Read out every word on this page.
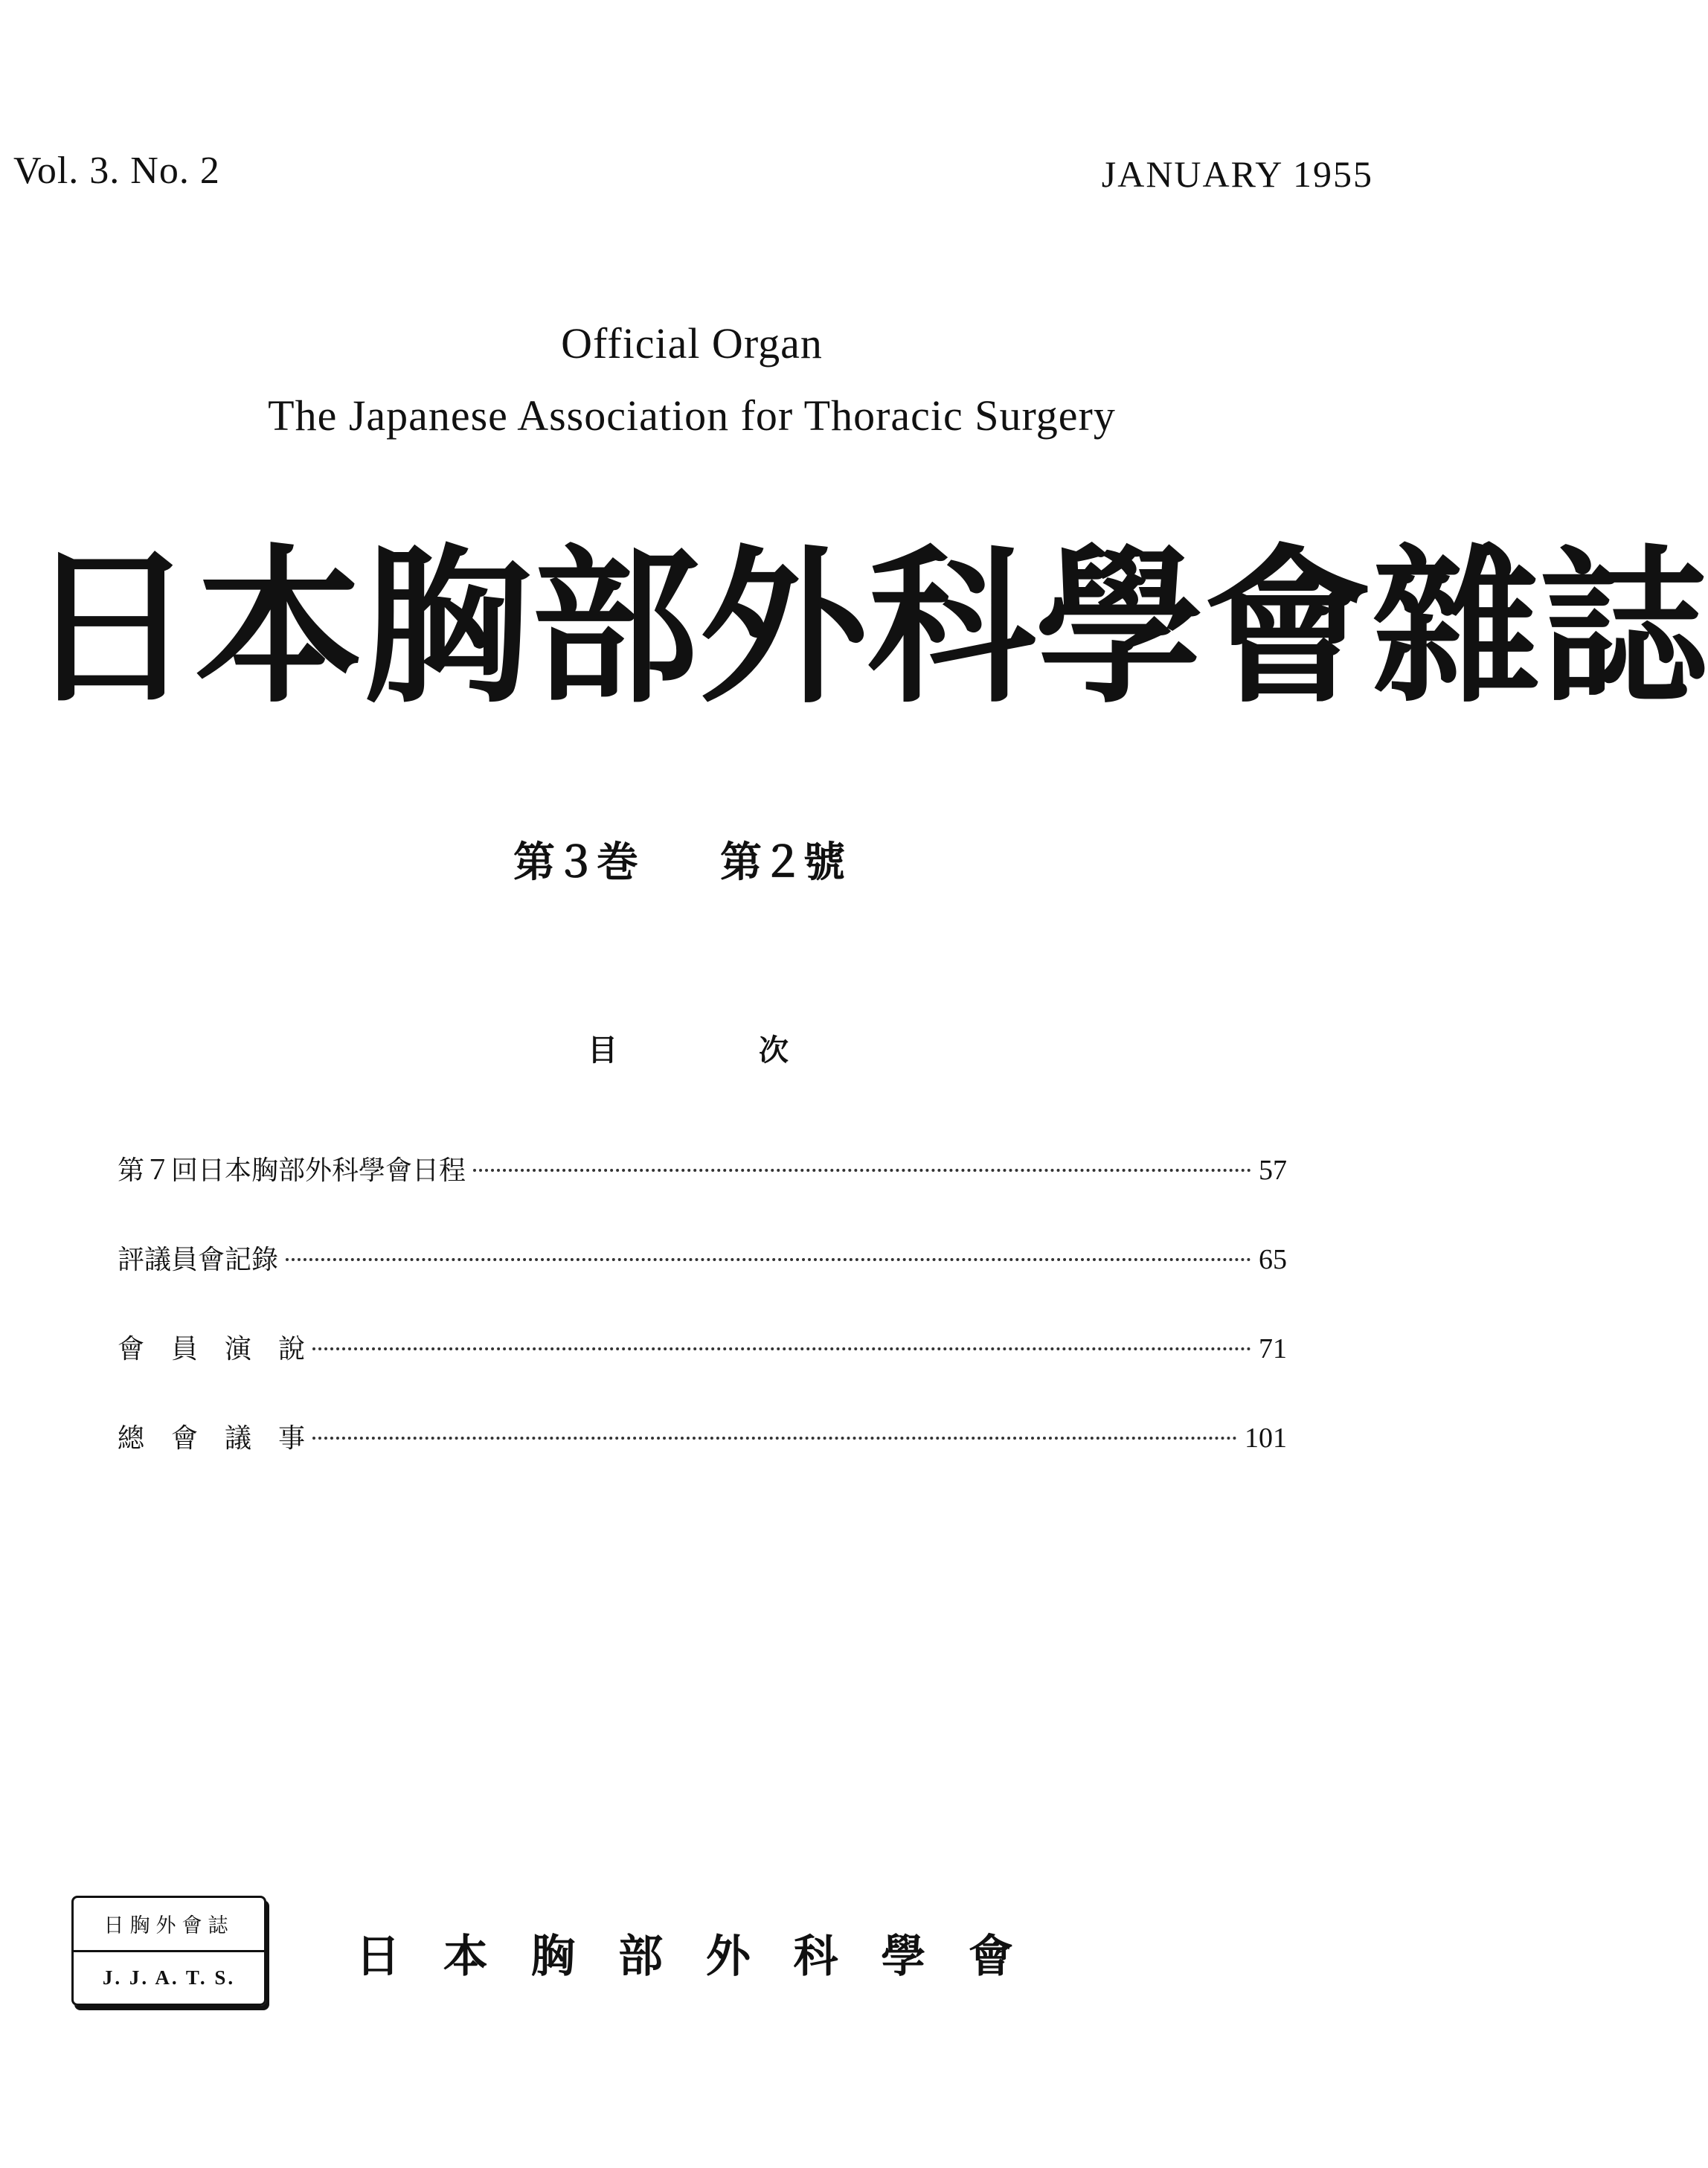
Vol. 3. No. 2	JANUARY 1955
Official Organ
The Japanese Association for Thoracic Surgery
日 本 胸 部 外 科 學 會 雜 誌
第３巻 第２號
目	次
第７回日本胸部外科學會日程	57
評議員會記錄	65
會　員　演　說	71
總　會　議　事	101
日胸外會誌
J. J. A. T. S.	日 本 胸 部 外 科 學 會
